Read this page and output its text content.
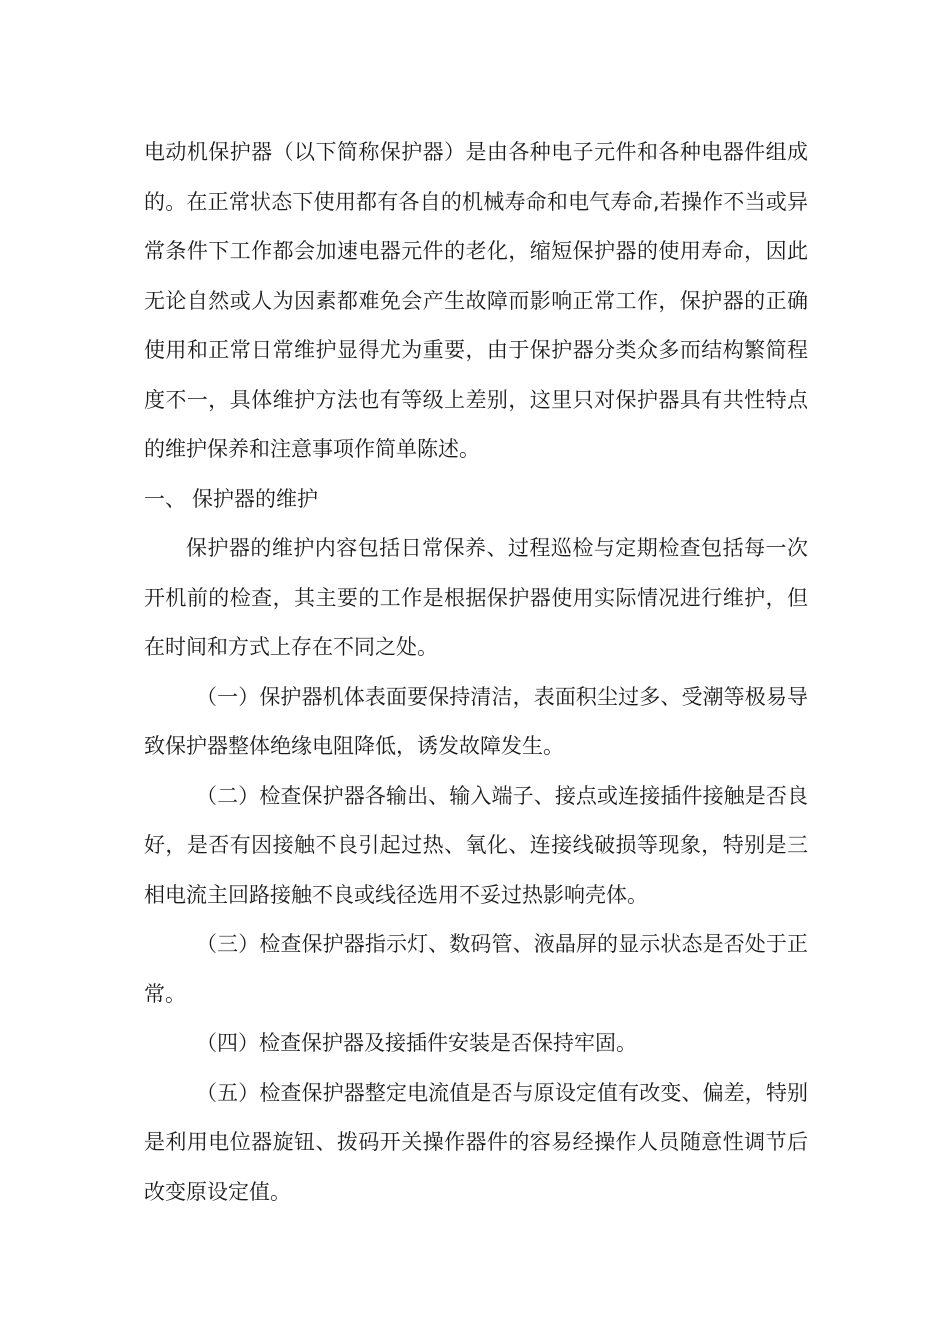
电动机保护器（以下简称保护器）是由各种电子元件和各种电器件组成的。在正常状态下使用都有各自的机械寿命和电气寿命,若操作不当或异常条件下工作都会加速电器元件的老化，缩短保护器的使用寿命，因此无论自然或人为因素都难免会产生故障而影响正常工作，保护器的正确使用和正常日常维护显得尤为重要，由于保护器分类众多而结构繁简程度不一，具体维护方法也有等级上差别，这里只对保护器具有共性特点的维护保养和注意事项作简单陈述。

一、 保护器的维护

保护器的维护内容包括日常保养、过程巡检与定期检查包括每一次开机前的检查，其主要的工作是根据保护器使用实际情况进行维护，但在时间和方式上存在不同之处。

（一）保护器机体表面要保持清洁，表面积尘过多、受潮等极易导致保护器整体绝缘电阻降低，诱发故障发生。

（二）检查保护器各输出、输入端子、接点或连接插件接触是否良好，是否有因接触不良引起过热、氧化、连接线破损等现象，特别是三相电流主回路接触不良或线径选用不妥过热影响壳体。

（三）检查保护器指示灯、数码管、液晶屏的显示状态是否处于正常。

（四）检查保护器及接插件安装是否保持牢固。

（五）检查保护器整定电流值是否与原设定值有改变、偏差，特别是利用电位器旋钮、拨码开关操作器件的容易经操作人员随意性调节后改变原设定值。
